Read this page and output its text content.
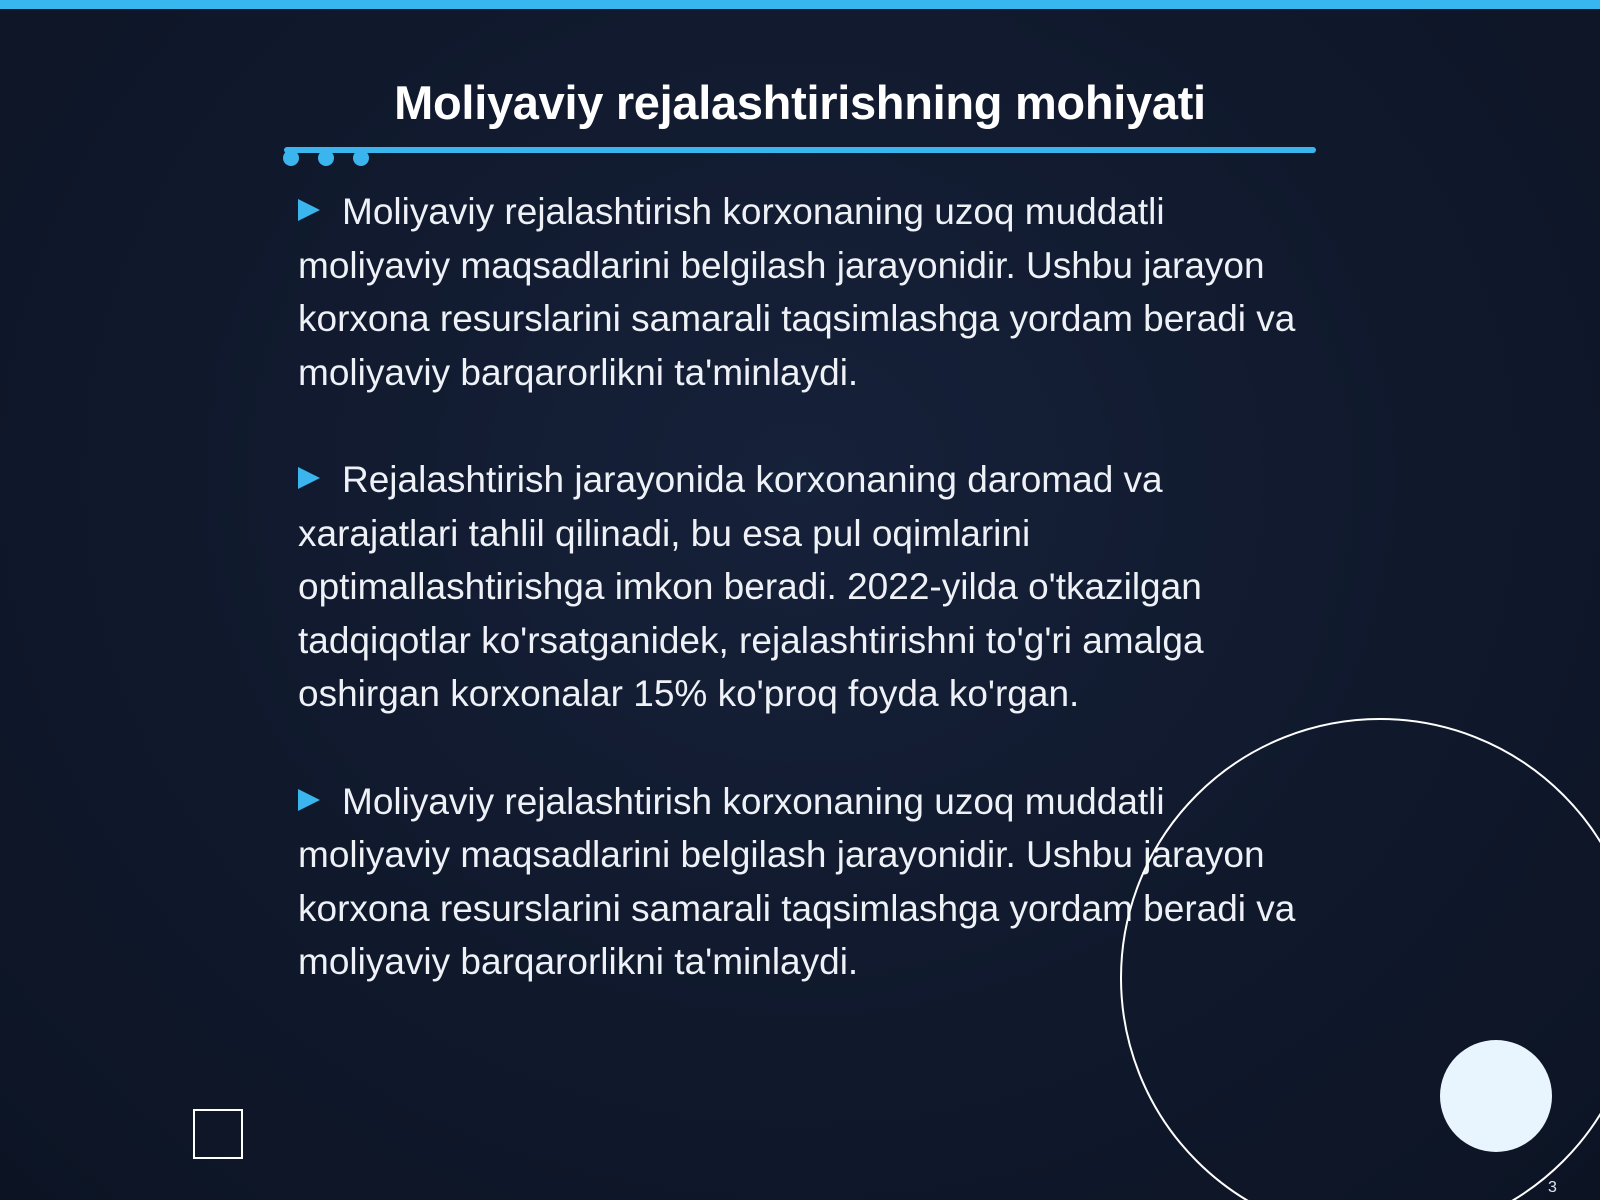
Moliyaviy rejalashtirishning mohiyati

Moliyaviy rejalashtirish korxonaning uzoq muddatli moliyaviy maqsadlarini belgilash jarayonidir. Ushbu jarayon korxona resurslarini samarali taqsimlashga yordam beradi va moliyaviy barqarorlikni ta'minlaydi.

Rejalashtirish jarayonida korxonaning daromad va xarajatlari tahlil qilinadi, bu esa pul oqimlarini optimallashtirishga imkon beradi. 2022-yilda o'tkazilgan tadqiqotlar ko'rsatganidek, rejalashtirishni to'g'ri amalga oshirgan korxonalar 15% ko'proq foyda ko'rgan.

Moliyaviy rejalashtirish korxonaning uzoq muddatli moliyaviy maqsadlarini belgilash jarayonidir. Ushbu jarayon korxona resurslarini samarali taqsimlashga yordam beradi va moliyaviy barqarorlikni ta'minlaydi.

3
